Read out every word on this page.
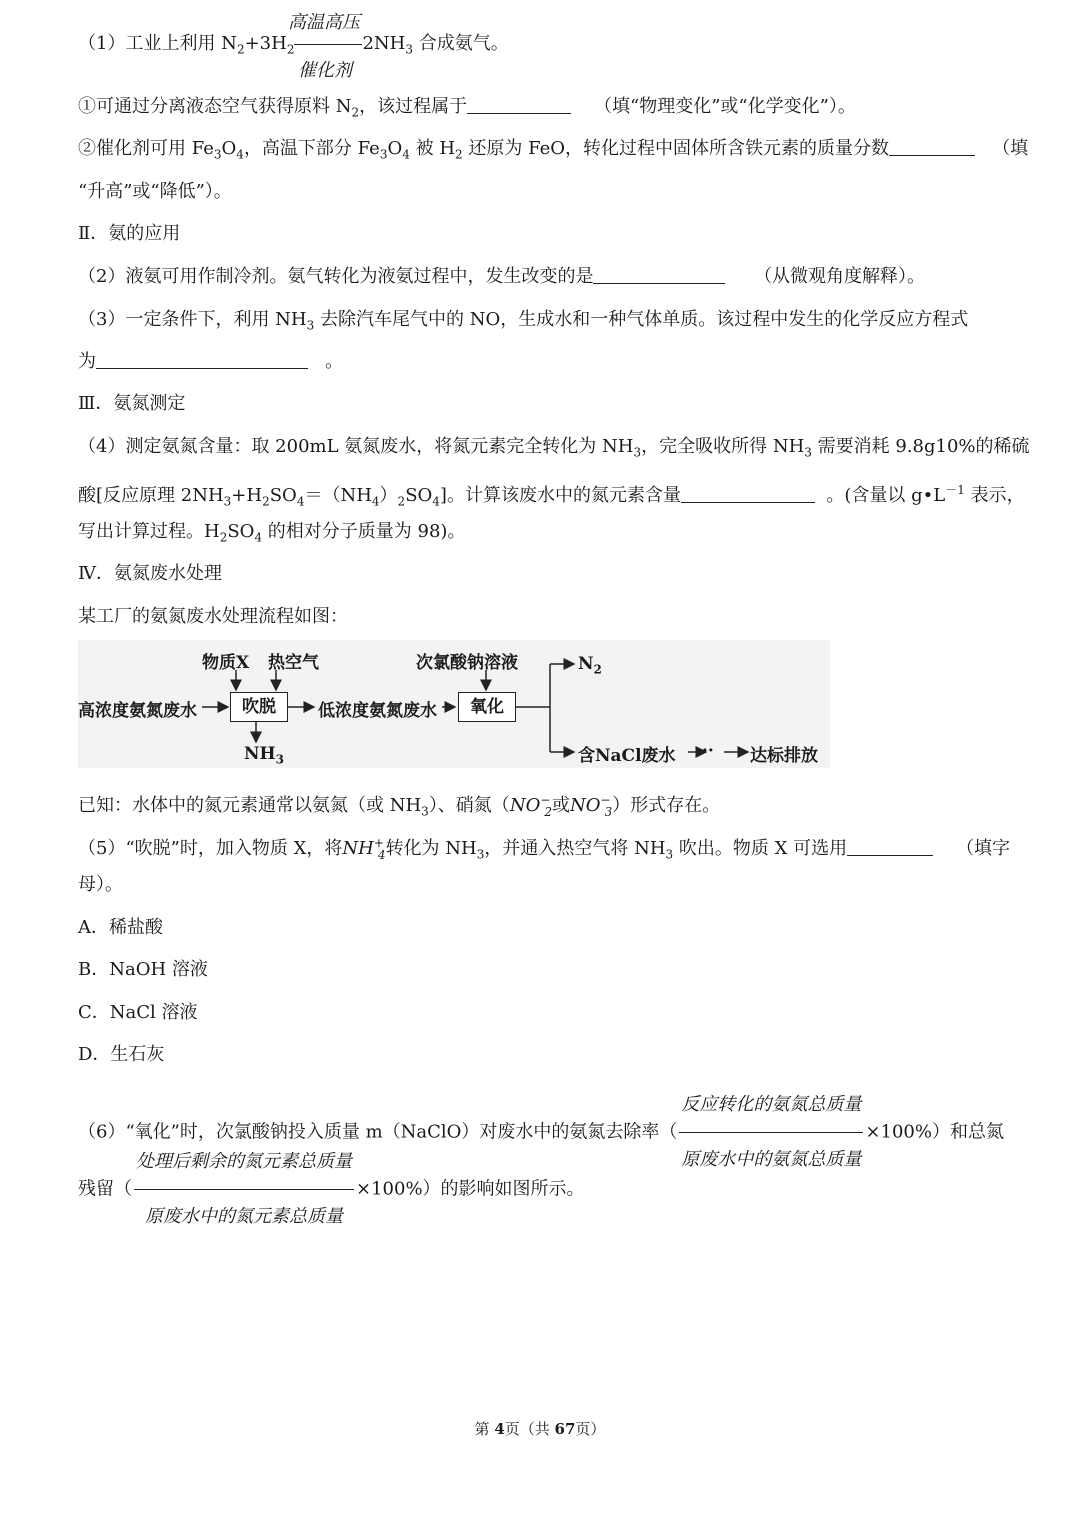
高温高压
（1）工业上利用 $N_2+3H_2$	$2NH_3$ 合成氨气。
催化剂
①可通过分离液态空气获得原料 $N_2$，该过程属于	（填“物理变化”或“化学变化”）。
②催化剂可用 $Fe_3O_4$，高温下部分 $Fe_3O_4$ 被 $H_2$ 还原为 FeO，转化过程中固体所含铁元素的质量分数	（填
“升高”或“降低”）。
Ⅱ．氨的应用
（2）液氨可用作制冷剂。氨气转化为液氨过程中，发生改变的是	（从微观角度解释）。
（3）一定条件下，利用 $NH_3$ 去除汽车尾气中的 NO，生成水和一种气体单质。该过程中发生的化学反应方程式
为	。
Ⅲ．氨氮测定
（4）测定氨氮含量：取 200mL 氨氮废水，将氮元素完全转化为 $NH_3$，完全吸收所得 $NH_3$ 需要消耗 9.8g10%的稀硫
酸[反应原理 $2NH_3+H_2SO_4=(NH_4)_2SO_4$]。计算该废水中的氮元素含量	。(含量以 $g•L^{-1}$ 表示，
写出计算过程。$H_2SO_4$ 的相对分子质量为 98)。
Ⅳ．氨氮废水处理
某工厂的氨氮废水处理流程如图：
物质X 热空气	次氯酸钠溶液	$N_2$
高浓度氨氮废水	吹脱	低浓度氨氮废水	氧化
$NH_3$	含NaCl废水 ··· 达标排放
已知：水体中的氮元素通常以氨氮（或 $NH_3$）、硝氮（$NO^-_2$或$NO^-_3$）形式存在。
（5）“吹脱”时，加入物质 X，将$NH^+_4$转化为 $NH_3$，并通入热空气将 $NH_3$ 吹出。物质 X 可选用	（填字
母）。
A．稀盐酸
B．NaOH 溶液
C．NaCl 溶液
D．生石灰
（6）“氧化”时，次氯酸钠投入质量 m（NaClO）对废水中的氨氮去除率（ $\frac{\text{反应转化的氨氮总质量}}{\text{原废水中的氨氮总质量}} \times 100\%$）和总氮
残留（ $\frac{\text{处理后剩余的氮元素总质量}}{\text{原废水中的氮元素总质量}} \times 100\%$）的影响如图所示。
第 4页（共 67页）
